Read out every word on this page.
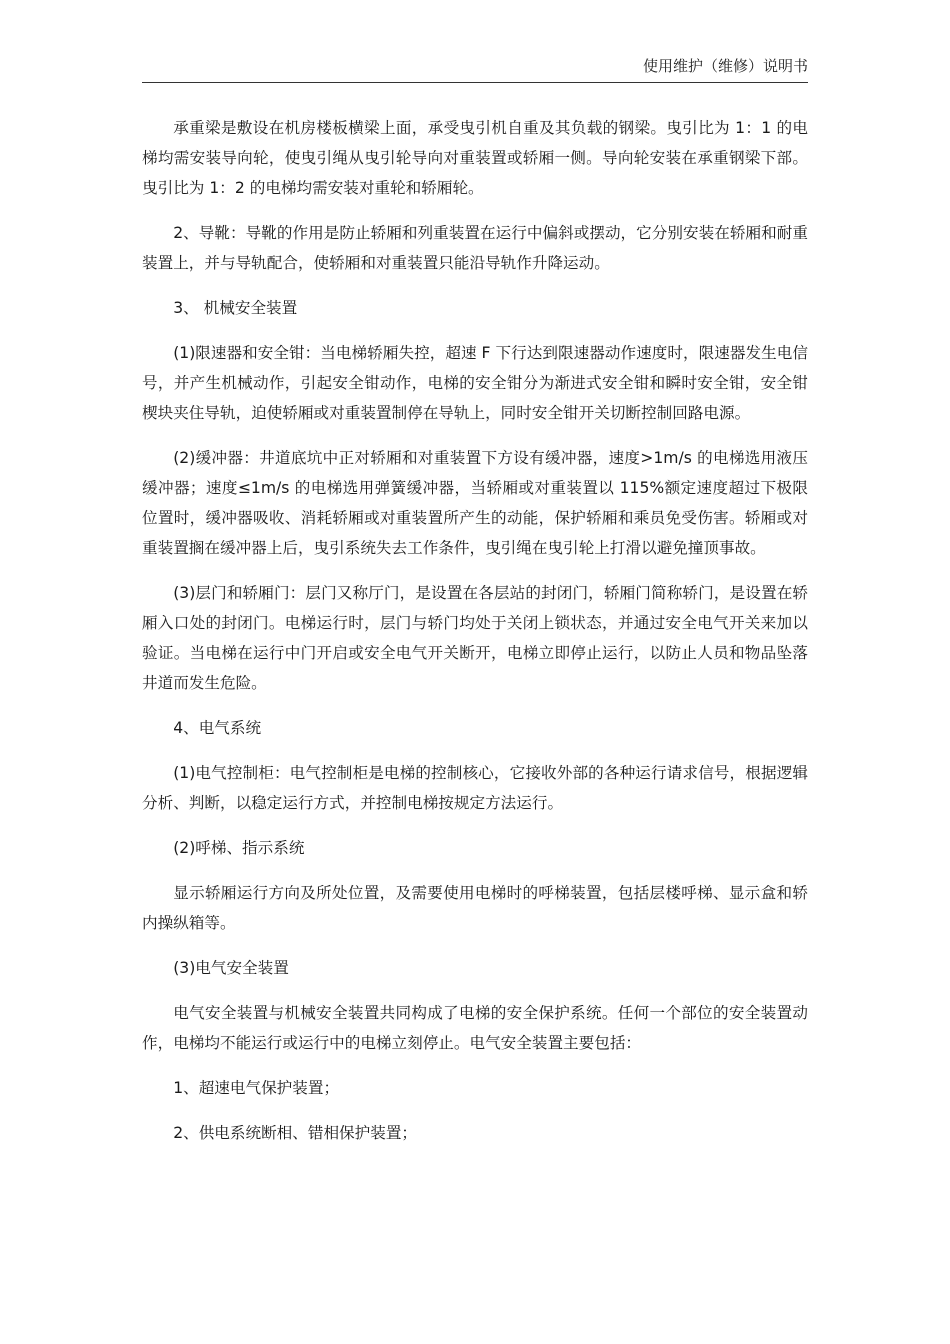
使用维护（维修）说明书

承重梁是敷设在机房楼板横梁上面，承受曳引机自重及其负载的钢梁。曳引比为 1：1 的电梯均需安装导向轮，使曳引绳从曳引轮导向对重装置或轿厢一侧。导向轮安装在承重钢梁下部。曳引比为 1：2 的电梯均需安装对重轮和轿厢轮。

2、导靴：导靴的作用是防止轿厢和列重装置在运行中偏斜或摆动，它分别安装在轿厢和耐重装置上，并与导轨配合，使轿厢和对重装置只能沿导轨作升降运动。

3、 机械安全装置

(1)限速器和安全钳：当电梯轿厢失控，超速 F 下行达到限速器动作速度时，限速器发生电信号，并产生机械动作，引起安全钳动作，电梯的安全钳分为渐进式安全钳和瞬时安全钳，安全钳楔块夹住导轨，迫使轿厢或对重装置制停在导轨上，同时安全钳开关切断控制回路电源。

(2)缓冲器：井道底坑中正对轿厢和对重装置下方设有缓冲器，速度>1m/s 的电梯选用液压缓冲器；速度≤1m/s 的电梯选用弹簧缓冲器，当轿厢或对重装置以 115%额定速度超过下极限位置时，缓冲器吸收、消耗轿厢或对重装置所产生的动能，保护轿厢和乘员免受伤害。轿厢或对重装置搁在缓冲器上后，曳引系统失去工作条件，曳引绳在曳引轮上打滑以避免撞顶事故。

(3)层门和轿厢门：层门又称厅门，是设置在各层站的封闭门，轿厢门简称轿门，是设置在轿厢入口处的封闭门。电梯运行时，层门与轿门均处于关闭上锁状态，并通过安全电气开关来加以验证。当电梯在运行中门开启或安全电气开关断开，电梯立即停止运行，以防止人员和物品坠落井道而发生危险。

4、电气系统

(1)电气控制柜：电气控制柜是电梯的控制核心，它接收外部的各种运行请求信号，根据逻辑分析、判断，以稳定运行方式，并控制电梯按规定方法运行。

(2)呼梯、指示系统

显示轿厢运行方向及所处位置，及需要使用电梯时的呼梯装置，包括层楼呼梯、显示盒和轿内操纵箱等。

(3)电气安全装置

电气安全装置与机械安全装置共同构成了电梯的安全保护系统。任何一个部位的安全装置动作，电梯均不能运行或运行中的电梯立刻停止。电气安全装置主要包括：

1、超速电气保护装置；

2、供电系统断相、错相保护装置；
